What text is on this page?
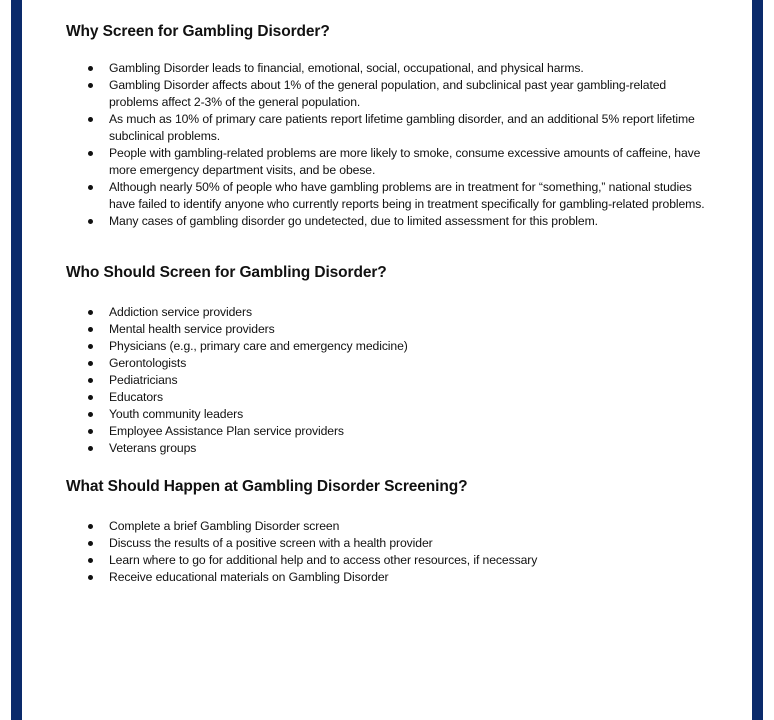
Why Screen for Gambling Disorder?
Gambling Disorder leads to financial, emotional, social, occupational, and physical harms.
Gambling Disorder affects about 1% of the general population, and subclinical past year gambling-related problems affect 2-3% of the general population.
As much as 10% of primary care patients report lifetime gambling disorder, and an additional 5% report lifetime subclinical problems.
People with gambling-related problems are more likely to smoke, consume excessive amounts of caffeine, have more emergency department visits, and be obese.
Although nearly 50% of people who have gambling problems are in treatment for “something,” national studies have failed to identify anyone who currently reports being in treatment specifically for gambling-related problems.
Many cases of gambling disorder go undetected, due to limited assessment for this problem.
Who Should Screen for Gambling Disorder?
Addiction service providers
Mental health service providers
Physicians (e.g., primary care and emergency medicine)
Gerontologists
Pediatricians
Educators
Youth community leaders
Employee Assistance Plan service providers
Veterans groups
What Should Happen at Gambling Disorder Screening?
Complete a brief Gambling Disorder screen
Discuss the results of a positive screen with a health provider
Learn where to go for additional help and to access other resources, if necessary
Receive educational materials on Gambling Disorder
